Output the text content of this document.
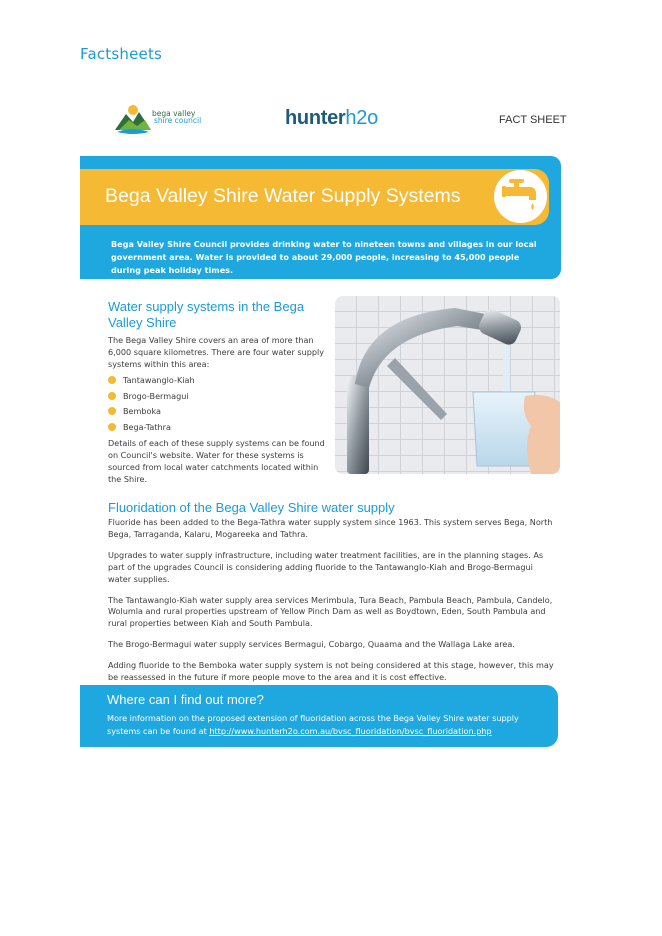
Factsheets
bega valley
shire council	hunterh2o	FACT SHEET
Bega Valley Shire Water Supply Systems
Bega Valley Shire Council provides drinking water to nineteen towns and villages in our local government area. Water is provided to about 29,000 people, increasing to 45,000 people during peak holiday times.
Water supply systems in the Bega Valley Shire
The Bega Valley Shire covers an area of more than 6,000 square kilometres. There are four water supply systems within this area:
Tantawanglo-Kiah
Brogo-Bermagui
Bemboka
Bega-Tathra
Details of each of these supply systems can be found on Council's website. Water for these systems is sourced from local water catchments located within the Shire.
Fluoridation of the Bega Valley Shire water supply

Fluoride has been added to the Bega-Tathra water supply system since 1963. This system serves Bega, North Bega, Tarraganda, Kalaru, Mogareeka and Tathra.

Upgrades to water supply infrastructure, including water treatment facilities, are in the planning stages. As part of the upgrades Council is considering adding fluoride to the Tantawanglo-Kiah and Brogo-Bermagui water supplies.

The Tantawanglo-Kiah water supply area services Merimbula, Tura Beach, Pambula Beach, Pambula, Candelo, Wolumla and rural properties upstream of Yellow Pinch Dam as well as Boydtown, Eden, South Pambula and rural properties between Kiah and South Pambula.

The Brogo-Bermagui water supply services Bermagui, Cobargo, Quaama and the Wallaga Lake area.

Adding fluoride to the Bemboka water supply system is not being considered at this stage, however, this may be reassessed in the future if more people move to the area and it is cost effective.

Where can I find out more?
More information on the proposed extension of fluoridation across the Bega Valley Shire water supply systems can be found at http://www.hunterh2o.com.au/bvsc_fluoridation/bvsc_fluoridation.php
